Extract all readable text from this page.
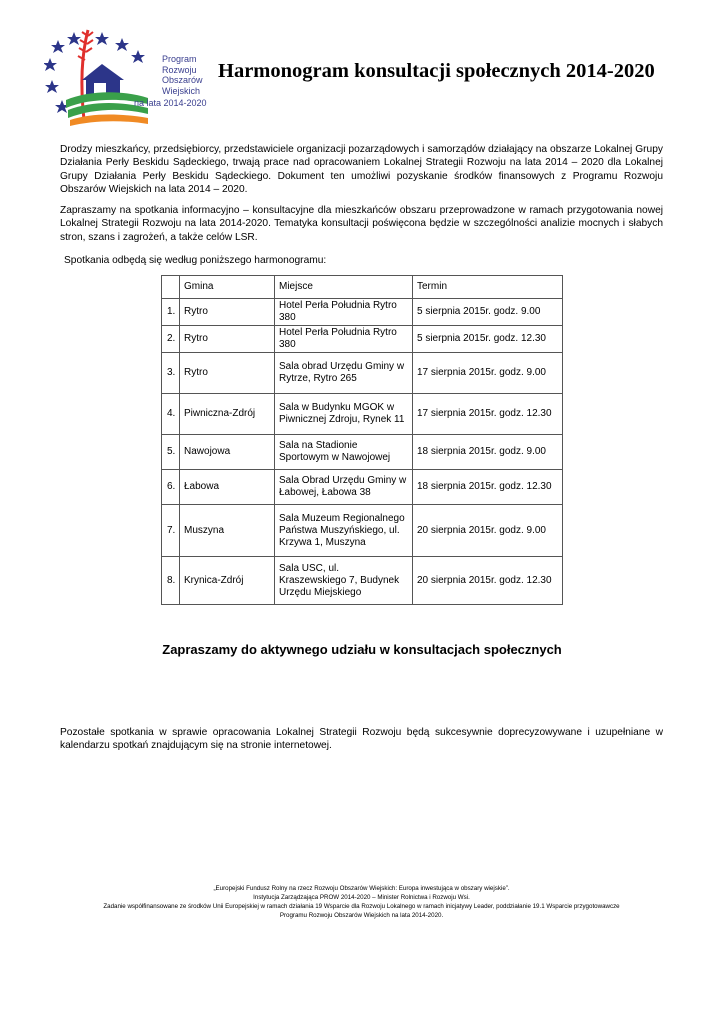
Program
Rozwoju
Obszarów
Wiejskich
na lata 2014-2020
Harmonogram konsultacji społecznych 2014-2020

Drodzy mieszkańcy, przedsiębiorcy, przedstawiciele organizacji pozarządowych i samorządów działający na obszarze Lokalnej Grupy Działania Perły Beskidu Sądeckiego, trwają prace nad opracowaniem Lokalnej Strategii Rozwoju na lata 2014 – 2020 dla Lokalnej Grupy Działania Perły Beskidu Sądeckiego. Dokument ten umożliwi pozyskanie środków finansowych z Programu Rozwoju Obszarów Wiejskich na lata 2014 – 2020.

Zapraszamy na spotkania informacyjno – konsultacyjne dla mieszkańców obszaru przeprowadzone w ramach przygotowania nowej Lokalnej Strategii Rozwoju na lata 2014-2020. Tematyka konsultacji poświęcona będzie w szczególności analizie mocnych i słabych stron, szans i zagrożeń, a także celów LSR.

Spotkania odbędą się według poniższego harmonogramu:

	Gmina	Miejsce	Termin
1.	Rytro	Hotel Perła Południa Rytro 380	5 sierpnia 2015r. godz. 9.00
2.	Rytro	Hotel Perła Południa Rytro 380	5 sierpnia 2015r. godz. 12.30
3.	Rytro	Sala obrad Urzędu Gminy w Rytrze, Rytro 265	17 sierpnia 2015r. godz. 9.00
4.	Piwniczna-Zdrój	Sala w Budynku MGOK w Piwnicznej Zdroju, Rynek 11	17 sierpnia 2015r. godz. 12.30
5.	Nawojowa	Sala na Stadionie Sportowym w Nawojowej	18 sierpnia 2015r. godz. 9.00
6.	Łabowa	Sala Obrad Urzędu Gminy w Łabowej, Łabowa 38	18 sierpnia 2015r. godz. 12.30
7.	Muszyna	Sala Muzeum Regionalnego Państwa Muszyńskiego, ul. Krzywa 1, Muszyna	20 sierpnia 2015r. godz. 9.00
8.	Krynica-Zdrój	Sala USC, ul. Kraszewskiego 7, Budynek Urzędu Miejskiego	20 sierpnia 2015r. godz. 12.30
Zapraszamy do aktywnego udziału w konsultacjach społecznych

Pozostałe spotkania w sprawie opracowania Lokalnej Strategii Rozwoju będą sukcesywnie doprecyzowywane i uzupełniane w kalendarzu spotkań znajdującym się na stronie internetowej.

„Europejski Fundusz Rolny na rzecz Rozwoju Obszarów Wiejskich: Europa inwestująca w obszary wiejskie”.
Instytucja Zarządzająca PROW 2014-2020 – Minister Rolnictwa i Rozwoju Wsi.
Zadanie współfinansowane ze środków Unii Europejskiej w ramach działania 19 Wsparcie dla Rozwoju Lokalnego w ramach inicjatywy Leader, poddziałanie 19.1 Wsparcie przygotowawcze
Programu Rozwoju Obszarów Wiejskich na lata 2014-2020.
